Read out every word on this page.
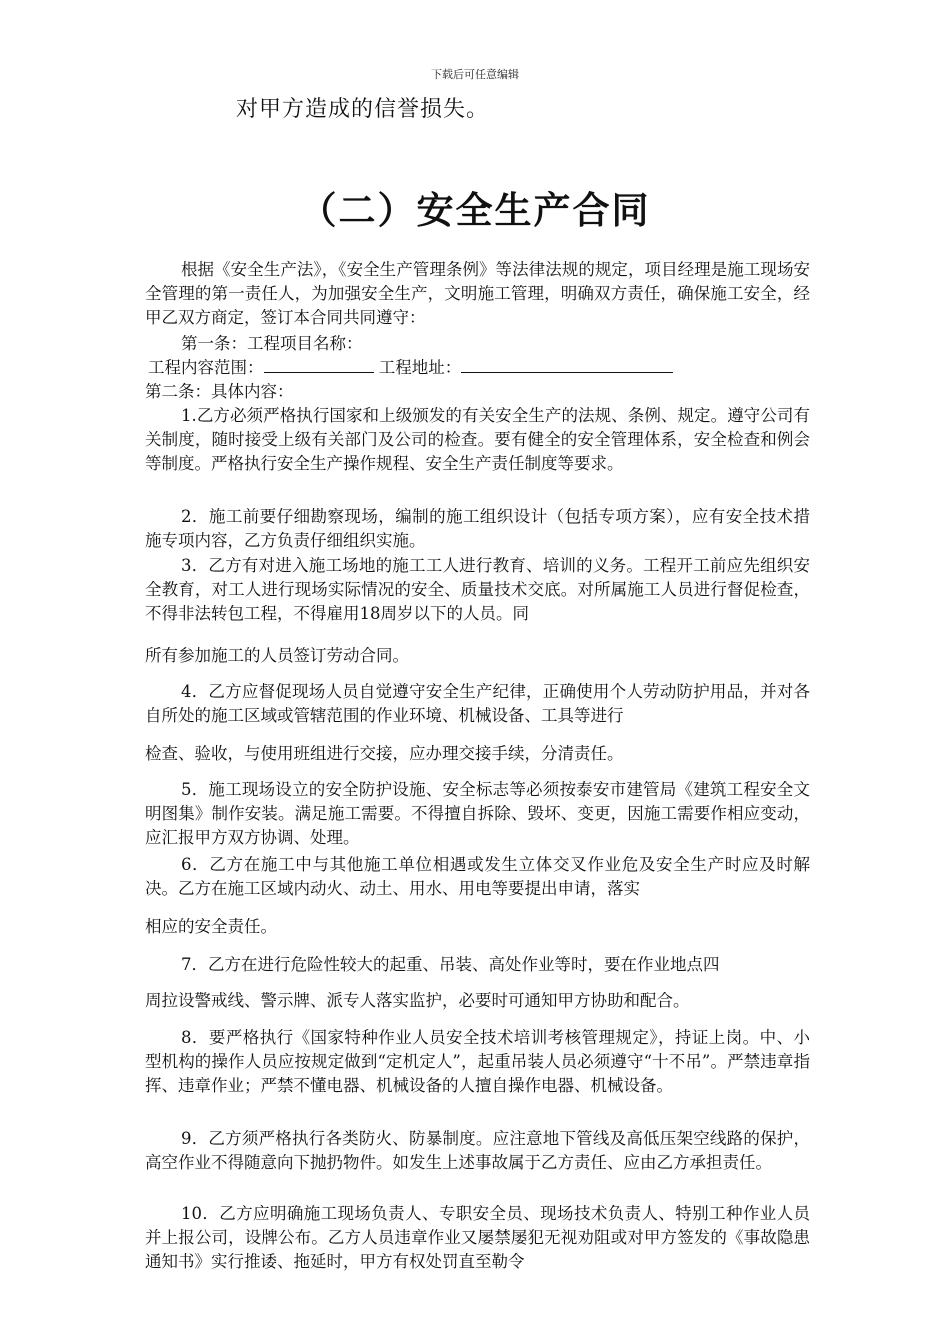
下载后可任意编辑
对甲方造成的信誉损失。
（二）安全生产合同

根据《安全生产法》，《安全生产管理条例》等法律法规的规定，项目经理是施工现场安全管理的第一责任人，为加强安全生产，文明施工管理，明确双方责任，确保施工安全，经甲乙双方商定，签订本合同共同遵守：

第一条：工程项目名称：

工程内容范围：	工程地址：

第二条：具体内容：

1.乙方必须严格执行国家和上级颁发的有关安全生产的法规、条例、规定。遵守公司有关制度，随时接受上级有关部门及公司的检查。要有健全的安全管理体系，安全检查和例会等制度。严格执行安全生产操作规程、安全生产责任制度等要求。

2．施工前要仔细勘察现场，编制的施工组织设计（包括专项方案），应有安全技术措施专项内容，乙方负责仔细组织实施。

3．乙方有对进入施工场地的施工工人进行教育、培训的义务。工程开工前应先组织安全教育，对工人进行现场实际情况的安全、质量技术交底。对所属施工人员进行督促检查，不得非法转包工程，不得雇用18周岁以下的人员。同

所有参加施工的人员签订劳动合同。

4．乙方应督促现场人员自觉遵守安全生产纪律，正确使用个人劳动防护用品，并对各自所处的施工区域或管辖范围的作业环境、机械设备、工具等进行

检查、验收，与使用班组进行交接，应办理交接手续，分清责任。

5．施工现场设立的安全防护设施、安全标志等必须按泰安市建管局《建筑工程安全文明图集》制作安装。满足施工需要。不得擅自拆除、毁坏、变更，因施工需要作相应变动，应汇报甲方双方协调、处理。

6．乙方在施工中与其他施工单位相遇或发生立体交叉作业危及安全生产时应及时解决。乙方在施工区域内动火、动土、用水、用电等要提出申请，落实

相应的安全责任。

7．乙方在进行危险性较大的起重、吊装、高处作业等时，要在作业地点四

周拉设警戒线、警示牌、派专人落实监护，必要时可通知甲方协助和配合。

8．要严格执行《国家特种作业人员安全技术培训考核管理规定》，持证上岗。中、小型机构的操作人员应按规定做到“定机定人”，起重吊装人员必须遵守“十不吊”。严禁违章指挥、违章作业；严禁不懂电器、机械设备的人擅自操作电器、机械设备。

9．乙方须严格执行各类防火、防暴制度。应注意地下管线及高低压架空线路的保护，高空作业不得随意向下抛扔物件。如发生上述事故属于乙方责任、应由乙方承担责任。

10．乙方应明确施工现场负责人、专职安全员、现场技术负责人、特别工种作业人员并上报公司，设牌公布。乙方人员违章作业又屡禁屡犯无视劝阻或对甲方签发的《事故隐患通知书》实行推诿、拖延时，甲方有权处罚直至勒令
